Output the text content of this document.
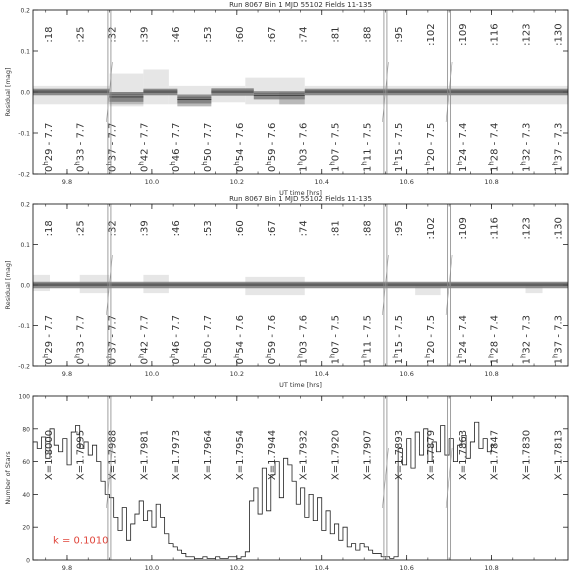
Run 8067 Bin 1 MJD 55102 Fields 11-135
:18
0$^h$29 - 7.7
:25
0$^h$33 - 7.7
:32
0$^h$37 - 7.7
:39
0$^h$42 - 7.7
:46
0$^h$46 - 7.7
:53
0$^h$50 - 7.7
:60
0$^h$54 - 7.6
:67
0$^h$59 - 7.6
:74
1$^h$03 - 7.6
:81
1$^h$07 - 7.5
:88
1$^h$11 - 7.5
:95
1$^h$15 - 7.5
:102
1$^h$20 - 7.5
:109
1$^h$24 - 7.4
:116
1$^h$28 - 7.4
:123
1$^h$32 - 7.3
:130
1$^h$37 - 7.3
9.8	10.0	10.2	10.4	10.6	10.8
-0.2
-0.1
0.0
0.1
0.2
UT time [hrs]
Residual [mag]
Run 8067 Bin 1 MJD 55102 Fields 11-135
:18
0$^h$29 - 7.7
:25
0$^h$33 - 7.7
:32
0$^h$37 - 7.7
:39
0$^h$42 - 7.7
:46
0$^h$46 - 7.7
:53
0$^h$50 - 7.7
:60
0$^h$54 - 7.6
:67
0$^h$59 - 7.6
:74
1$^h$03 - 7.6
:81
1$^h$07 - 7.5
:88
1$^h$11 - 7.5
:95
1$^h$15 - 7.5
:102
1$^h$20 - 7.5
:109
1$^h$24 - 7.4
:116
1$^h$28 - 7.4
:123
1$^h$32 - 7.3
:130
1$^h$37 - 7.3
9.8	10.0	10.2	10.4	10.6	10.8
-0.2
-0.1
0.0
0.1
0.2
UT time [hrs]
Residual [mag]
X=1.8000 X=1.7995 X=1.7988 X=1.7981 X=1.7973 X=1.7964 X=1.7954 X=1.7944 X=1.7932 X=1.7920 X=1.7907 X=1.7893 X=1.7879 X=1.7863 X=1.7847 X=1.7830 X=1.7813
k = 0.1010
9.8	10.0	10.2	10.4	10.6	10.8
0
20
40
60
80
100
Number of Stars
